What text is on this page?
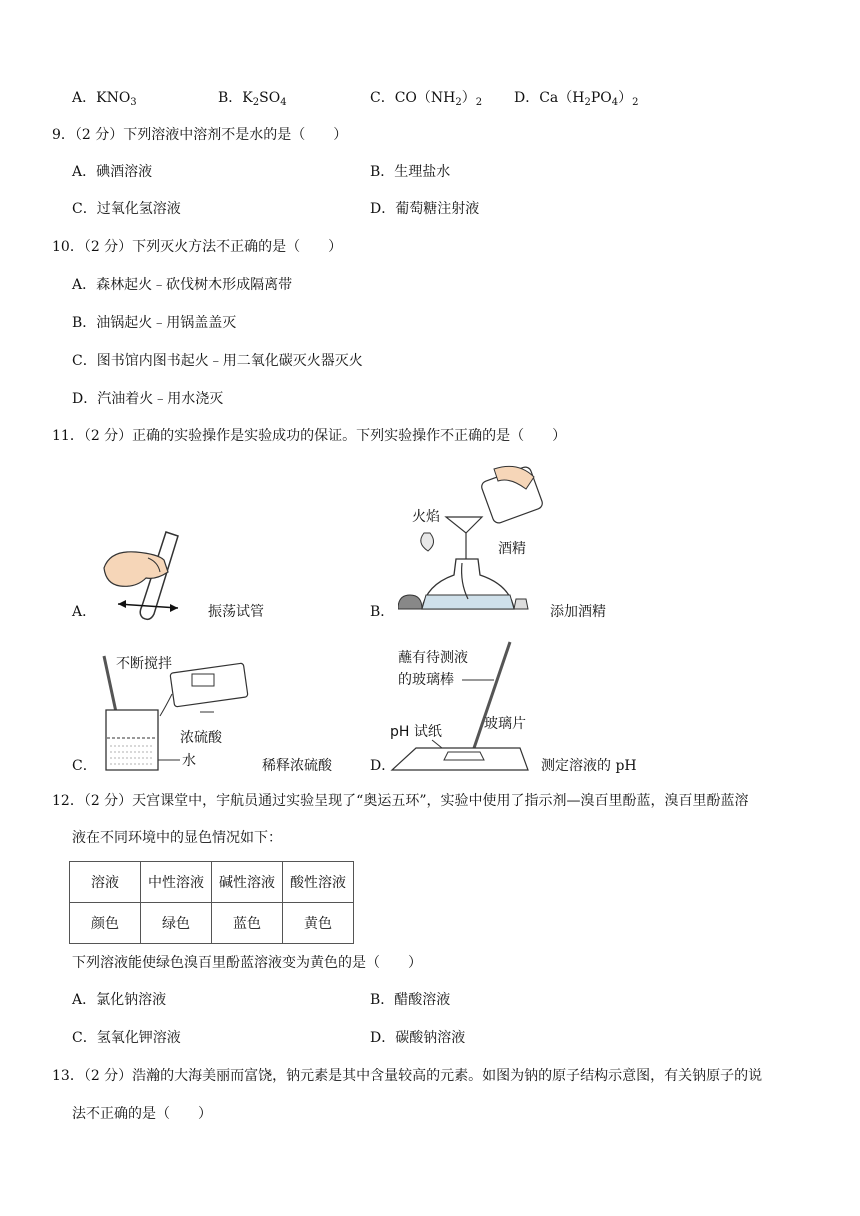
A．$KNO_3$	B．$K_2SO_4$	C．$CO(NH_2)_2$ D．$Ca(H_2PO_4)_2$
9．（2 分）下列溶液中溶剂不是水的是（　　）
A．碘酒溶液	B．生理盐水
C．过氧化氢溶液	D．葡萄糖注射液
10．（2 分）下列灭火方法不正确的是（　　）
A．森林起火﹣砍伐树木形成隔离带
B．油锅起火﹣用锅盖盖灭
C．图书馆内图书起火﹣用二氧化碳灭火器灭火
D．汽油着火﹣用水浇灭
11．（2 分）正确的实验操作是实验成功的保证。下列实验操作不正确的是（　　）
A．	振荡试管
火焰
酒精
B．	添加酒精
不断搅拌
浓硫酸
水
C．	稀释浓硫酸
蘸有待测液
的玻璃棒
玻璃片
pH 试纸
D．	测定溶液的 pH
12．（2 分）天宫课堂中，宇航员通过实验呈现了“奥运五环”，实验中使用了指示剂—溴百里酚蓝，溴百里酚蓝溶
液在不同环境中的显色情况如下：
溶液	中性溶液	碱性溶液	酸性溶液
颜色	绿色	蓝色	黄色
下列溶液能使绿色溴百里酚蓝溶液变为黄色的是（　　）
A．氯化钠溶液	B．醋酸溶液
C．氢氧化钾溶液	D．碳酸钠溶液
13．（2 分）浩瀚的大海美丽而富饶，钠元素是其中含量较高的元素。如图为钠的原子结构示意图，有关钠原子的说
法不正确的是（　　）
